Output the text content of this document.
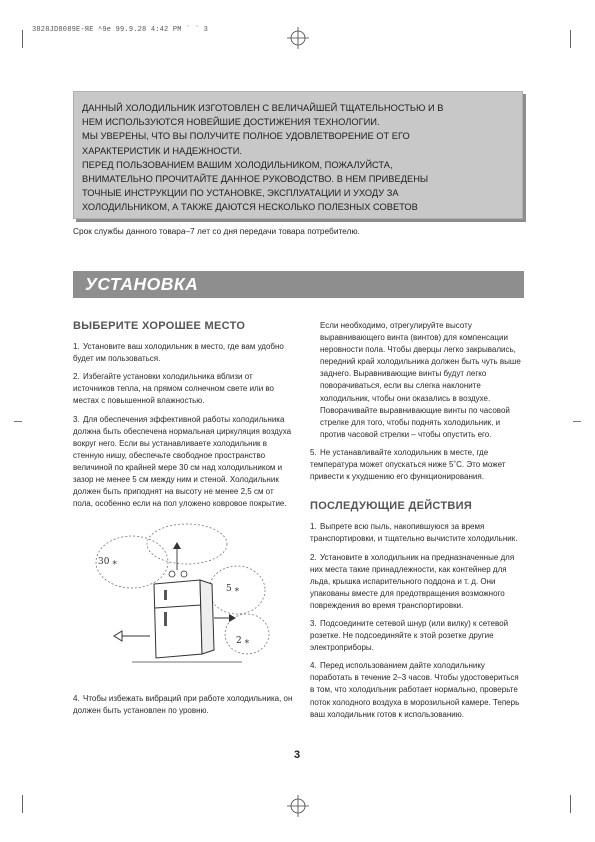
3828JD8089E-ЯЕ ^9e 99.9.28 4:42 PM ` ` 3

ДАННЫЙ ХОЛОДИЛЬНИК ИЗГОТОВЛЕН С ВЕЛИЧАЙШЕЙ ТЩАТЕЛЬНОСТЬЮ И В

НЕМ ИСПОЛЬЗУЮТСЯ НОВЕЙШИЕ ДОСТИЖЕНИЯ ТЕХНОЛОГИИ.

МЫ УВЕРЕНЫ, ЧТО ВЫ ПОЛУЧИТЕ ПОЛНОЕ УДОВЛЕТВОРЕНИЕ ОТ ЕГО

ХАРАКТЕРИСТИК И НАДЕЖНОСТИ.

ПЕРЕД ПОЛЬЗОВАНИЕМ ВАШИМ ХОЛОДИЛЬНИКОМ, ПОЖАЛУЙСТА,

ВНИМАТЕЛЬНО ПРОЧИТАЙТЕ ДАННОЕ РУКОВОДСТВО. В НЕМ ПРИВЕДЕНЫ

ТОЧНЫЕ ИНСТРУКЦИИ ПО УСТАНОВКЕ, ЭКСПЛУАТАЦИИ И УХОДУ ЗА

ХОЛОДИЛЬНИКОМ, А ТАКЖЕ ДАЮТСЯ НЕСКОЛЬКО ПОЛЕЗНЫХ СОВЕТОВ

Срок службы данного товара–7 лет со дня передачи товара потребителю.
УСТАНОВКА
ВЫБЕРИТЕ ХОРОШЕЕ МЕСТО
1. Установите ваш холодильник в место, где вам удобно будет им пользоваться.
2. Избегайте установки холодильника вблизи от источников тепла, на прямом солнечном свете или во местах с повышенной влажностью.
3. Для обеспечения эффективной работы холодильника должна быть обеспечена нормальная циркуляция воздуха вокруг него. Если вы устанавливаете холодильник в стенную нишу, обеспечьте свободное пространство величиной по крайней мере 30 cм над холодильником и зазор не менее 5 см между ним и стеной. Холодильник должен быть приподнят на высоту не менее 2,5 cм от пола, особенно если на пол уложено ковровое покрытие.
30 ⁎
5 ⁎
2 ⁎
4. Чтобы избежать вибраций при работе холодильника, он должен быть установлен по уровню.

Если необходимо, отрегулируйте высоту выравнивающего винта (винтов) для компенсации неровности пола. Чтобы дверцы легко закрывались, передний край холодильника должен быть чуть выше заднего. Выравнивающие винты будут легко поворачиваться, если вы слегка наклоните холодильник, чтобы они оказались в воздухе. Поворачивайте выравнивающие винты по часовой стрелке для того, чтобы поднять холодильник, и против часовой стрелки – чтобы опустить его.

5. Не устанавливайте холодильник в месте, где температура может опускаться ниже 5˚С. Это может привести к ухудшению его функционирования.
ПОСЛЕДУЮЩИЕ ДЕЙСТВИЯ
1. Выпрете всю пыль, накопившуюся за время транспортировки, и тщательно вычистите холодильник.
2. Установите в холодильник на предназначенные для них места такие принадлежности, как контейнер для льда, крышка испарительного поддона и т. д. Они упакованы вместе для предотвращения возможного повреждения во время транспортировки.
3. Подсоедините сетевой шнур (или вилку) к сетевой розетке. Не подсоединяйте к этой розетке другие электроприборы.
4. Перед использованием дайте холодильнику поработать в течение 2–3 часов. Чтобы удостовериться в том, что холодильник работает нормально, проверьте поток холодного воздуха в морозильной камере. Теперь ваш холодильник готов к использованию.
3
